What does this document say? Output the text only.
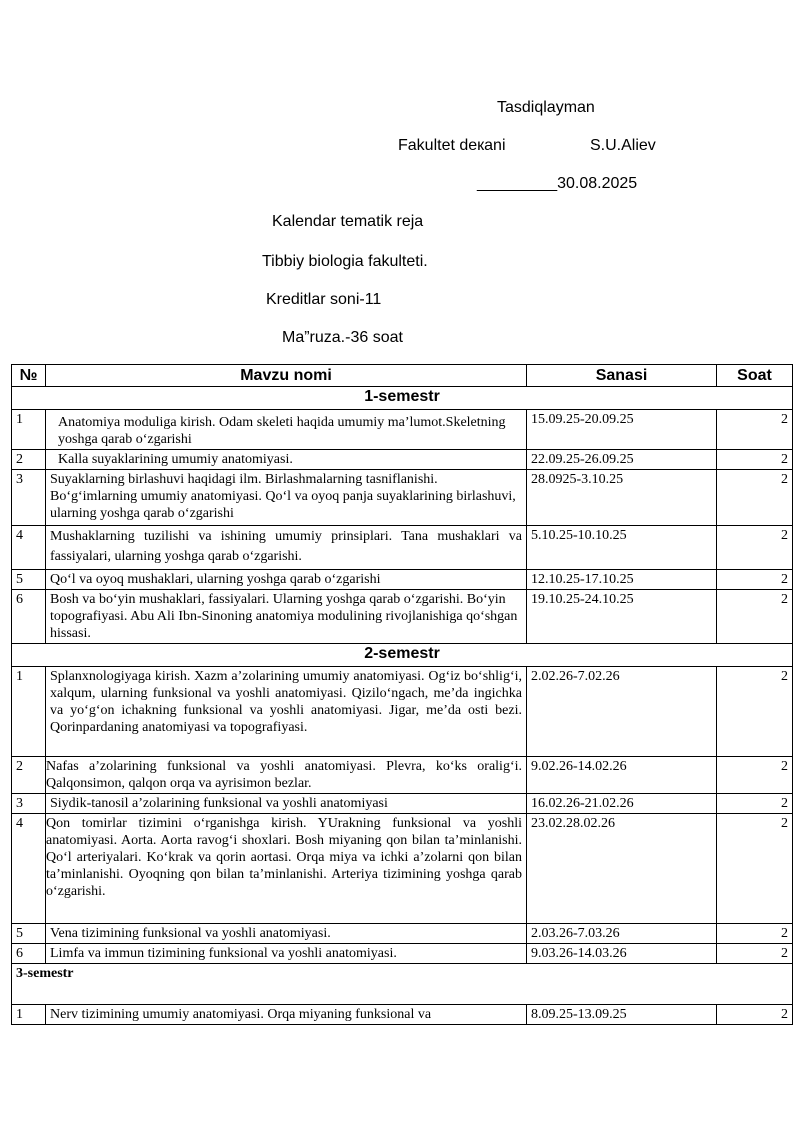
Tasdiqlayman
Fakultet dекani	S.U.Aliev
_________30.08.2025
Kalendar tematik reja
Tibbiy biologia fakulteti.
Kreditlar soni-11
Ma”ruza.-36 soat
№	Mavzu nomi	Sanasi	Soat
1-semestr			
1	Anatomiya moduliga kirish. Odam skeleti haqida umumiy ma’lumot.Skeletning yoshga qarab o‘zgarishi	15.09.25-20.09.25	2
2	Kalla suyaklarining umumiy anatomiyasi.	22.09.25-26.09.25	2
3	Suyaklarning birlashuvi haqidagi ilm. Birlashmalarning tasniflanishi. Bo‘g‘imlarning umumiy anatomiyasi. Qo‘l va oyoq panja suyaklarining birlashuvi, ularning yoshga qarab o‘zgarishi	28.0925-3.10.25	2
4	Mushaklarning tuzilishi va ishining umumiy prinsiplari. Tana mushaklari va fassiyalari, ularning yoshga qarab o‘zgarishi.	5.10.25-10.10.25	2
5	Qo‘l va oyoq mushaklari, ularning yoshga qarab o‘zgarishi	12.10.25-17.10.25	2
6	Bosh va bo‘yin mushaklari, fassiyalari. Ularning yoshga qarab o‘zgarishi. Bo‘yin topografiyasi. Abu Ali Ibn-Sinoning anatomiya modulining rivojlanishiga qo‘shgan hissasi.	19.10.25-24.10.25	2
2-semestr			
1	Splanxnologiyaga kirish. Xazm a’zolarining umumiy anatomiyasi. Og‘iz bo‘shlig‘i, xalqum, ularning funksional va yoshli anatomiyasi. Qizilo‘ngach, me’da ingichka va yo‘g‘on ichakning funksional va yoshli anatomiyasi. Jigar, me’da osti bezi. Qorinpardaning anatomiyasi va topografiyasi.	2.02.26-7.02.26	2
2	Nafas a’zolarining funksional va yoshli anatomiyasi. Plevra, ko‘ks oralig‘i. Qalqonsimon, qalqon orqa va ayrisimon bezlar.	9.02.26-14.02.26	2
3	Siydik-tanosil a’zolarining funksional va yoshli anatomiyasi	16.02.26-21.02.26	2
4	Qon tomirlar tizimini o‘rganishga kirish. YUrakning funksional va yoshli anatomiyasi. Aorta. Aorta ravog‘i shoxlari. Bosh miyaning qon bilan ta’minlanishi. Qo‘l arteriyalari. Ko‘krak va qorin aortasi. Orqa miya va ichki a’zolarni qon bilan ta’minlanishi. Oyoqning qon bilan ta’minlanishi. Arteriya tizimining yoshga qarab o‘zgarishi.	23.02.28.02.26	2
5	Vena tizimining funksional va yoshli anatomiyasi.	2.03.26-7.03.26	2
6	Limfa va immun tizimining funksional va yoshli anatomiyasi.	9.03.26-14.03.26	2
3-semestr			
1	Nerv tizimining umumiy anatomiyasi. Orqa miyaning funksional va	8.09.25-13.09.25	2
